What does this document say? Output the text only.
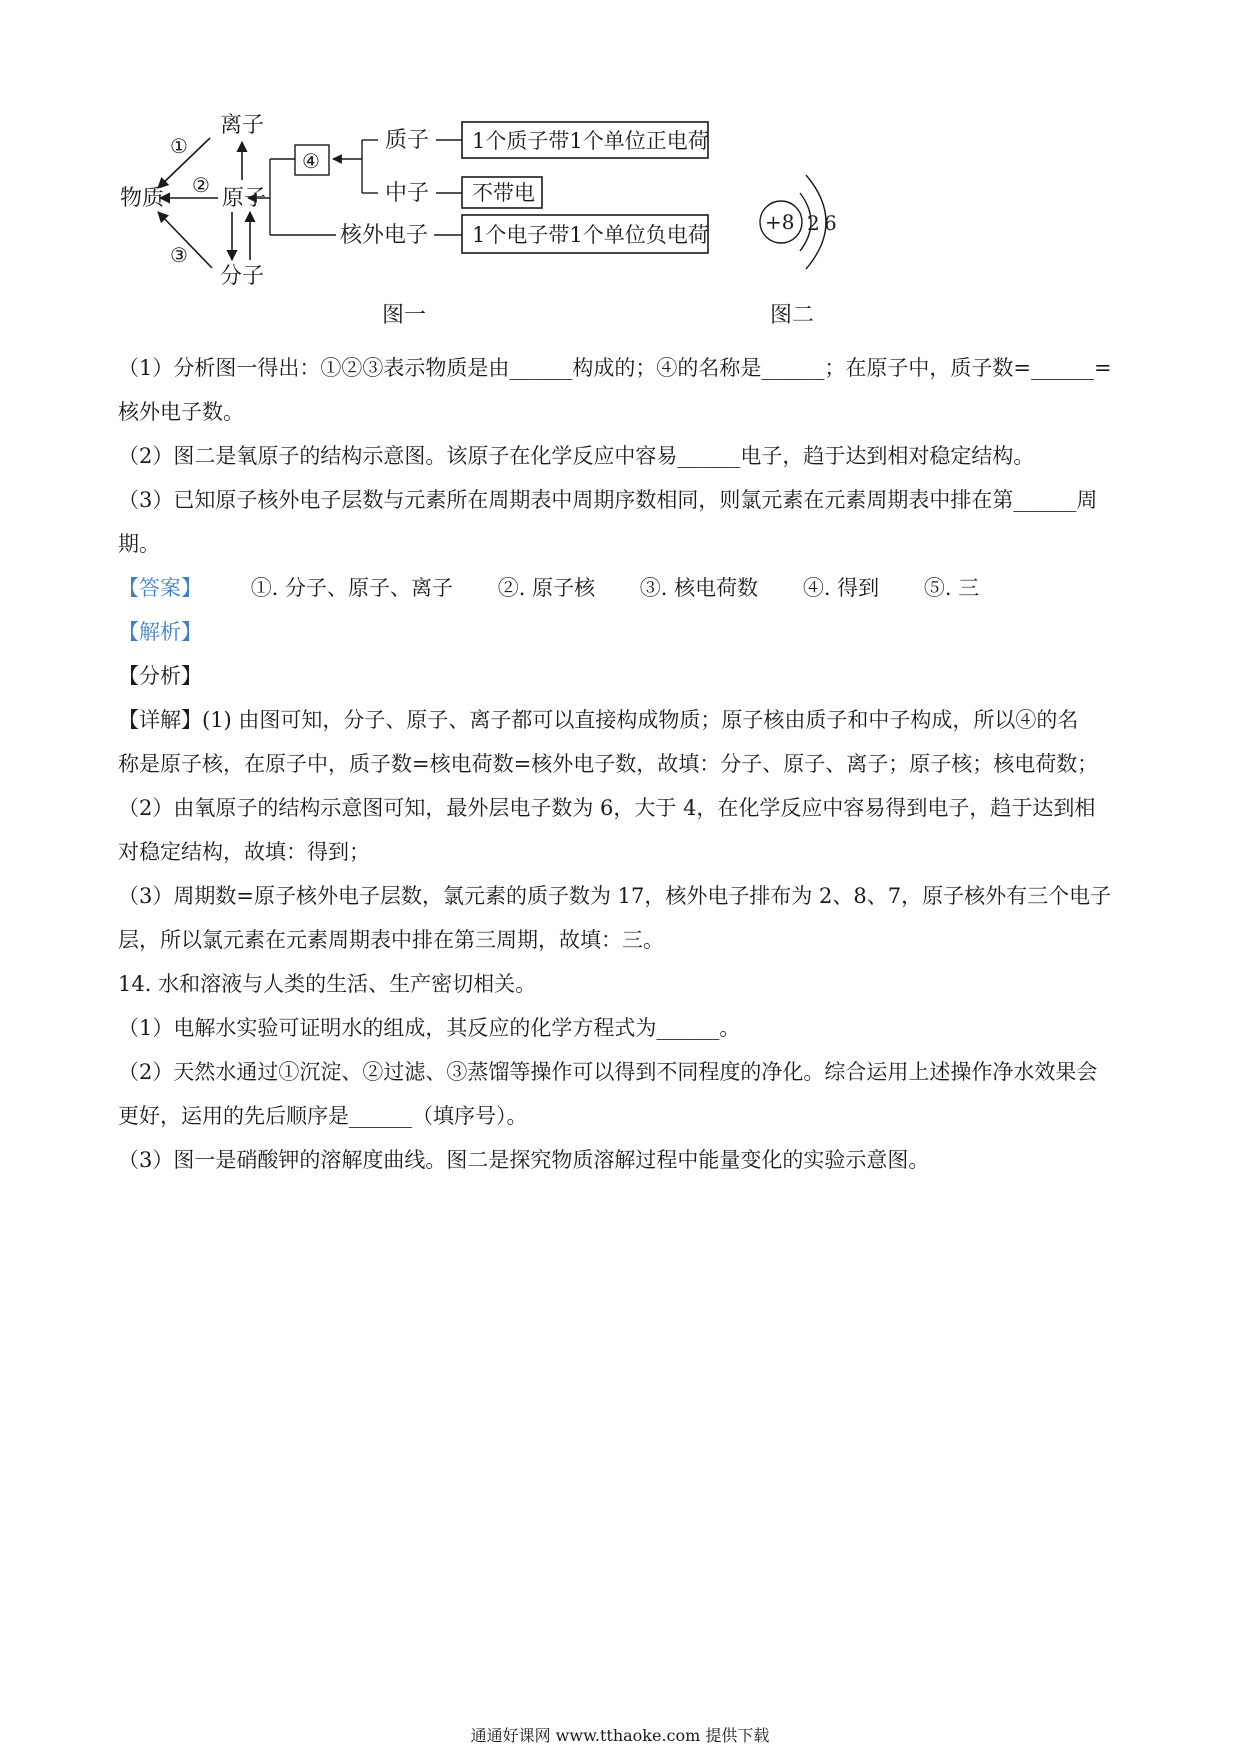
离子
物质	原子
分子
①
②
③
质子
中子
核外电子
④
1个质子带1个单位正电荷
不带电
1个电子带1个单位负电荷
图一
+8 2 6
图二
（1）分析图一得出：①②③表示物质是由______构成的；④的名称是______；在原子中，质子数=______=
核外电子数。
（2）图二是氧原子的结构示意图。该原子在化学反应中容易______电子，趋于达到相对稳定结构。
（3）已知原子核外电子层数与元素所在周期表中周期序数相同，则氯元素在元素周期表中排在第______周
期。
【答案】 ①. 分子、原子、离子 ②. 原子核 ③. 核电荷数 ④. 得到 ⑤. 三
【解析】
【分析】
【详解】(1) 由图可知，分子、原子、离子都可以直接构成物质；原子核由质子和中子构成，所以④的名
称是原子核，在原子中，质子数=核电荷数=核外电子数，故填：分子、原子、离子；原子核；核电荷数；
（2）由氧原子的结构示意图可知，最外层电子数为 6，大于 4，在化学反应中容易得到电子，趋于达到相
对稳定结构，故填：得到；
（3）周期数=原子核外电子层数，氯元素的质子数为 17，核外电子排布为 2、8、7，原子核外有三个电子
层，所以氯元素在元素周期表中排在第三周期，故填：三。
14. 水和溶液与人类的生活、生产密切相关。
（1）电解水实验可证明水的组成，其反应的化学方程式为______。
（2）天然水通过①沉淀、②过滤、③蒸馏等操作可以得到不同程度的净化。综合运用上述操作净水效果会
更好，运用的先后顺序是______（填序号）。
（3）图一是硝酸钾的溶解度曲线。图二是探究物质溶解过程中能量变化的实验示意图。
通通好课网 www.tthaoke.com 提供下载
